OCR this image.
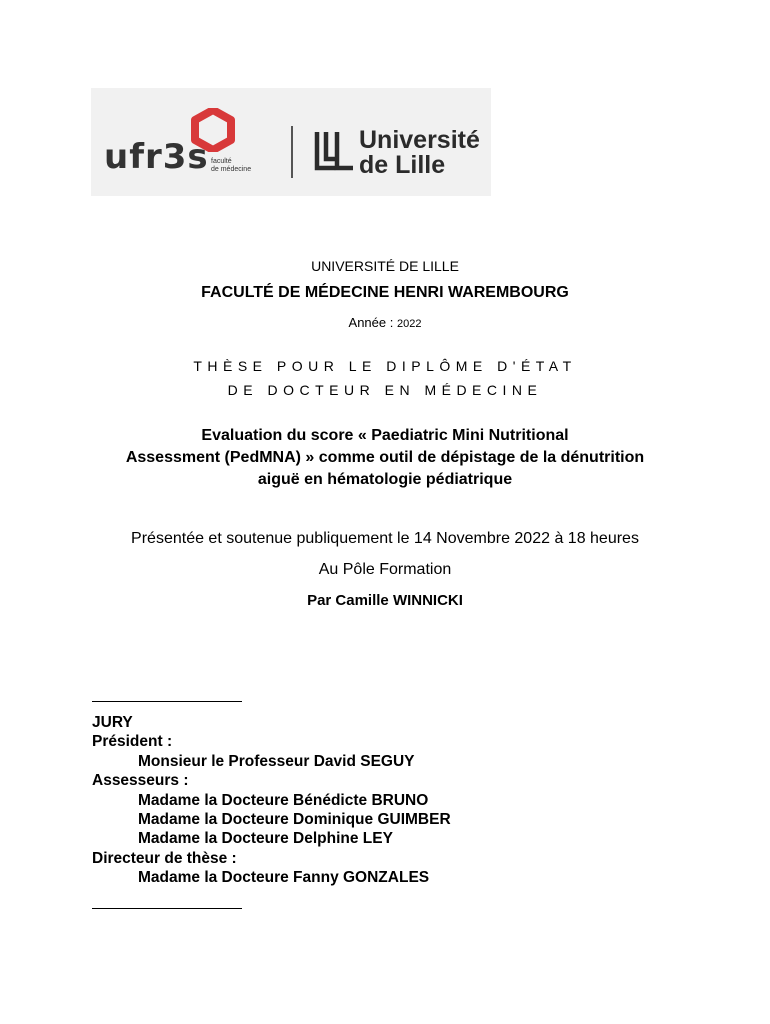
ufr3s faculté
de médecine
Université
de Lille
UNIVERSITÉ DE LILLE
FACULTÉ DE MÉDECINE HENRI WAREMBOURG
Année : 2022
THÈSE POUR LE DIPLÔME D'ÉTAT
DE DOCTEUR EN MÉDECINE
Evaluation du score « Paediatric Mini Nutritional
Assessment (PedMNA) » comme outil de dépistage de la dénutrition
aiguë en hématologie pédiatrique
Présentée et soutenue publiquement le 14 Novembre 2022 à 18 heures
Au Pôle Formation
Par Camille WINNICKI
JURY
Président :
Monsieur le Professeur David SEGUY
Assesseurs :
Madame la Docteure Bénédicte BRUNO
Madame la Docteure Dominique GUIMBER
Madame la Docteure Delphine LEY
Directeur de thèse :
Madame la Docteure Fanny GONZALES
